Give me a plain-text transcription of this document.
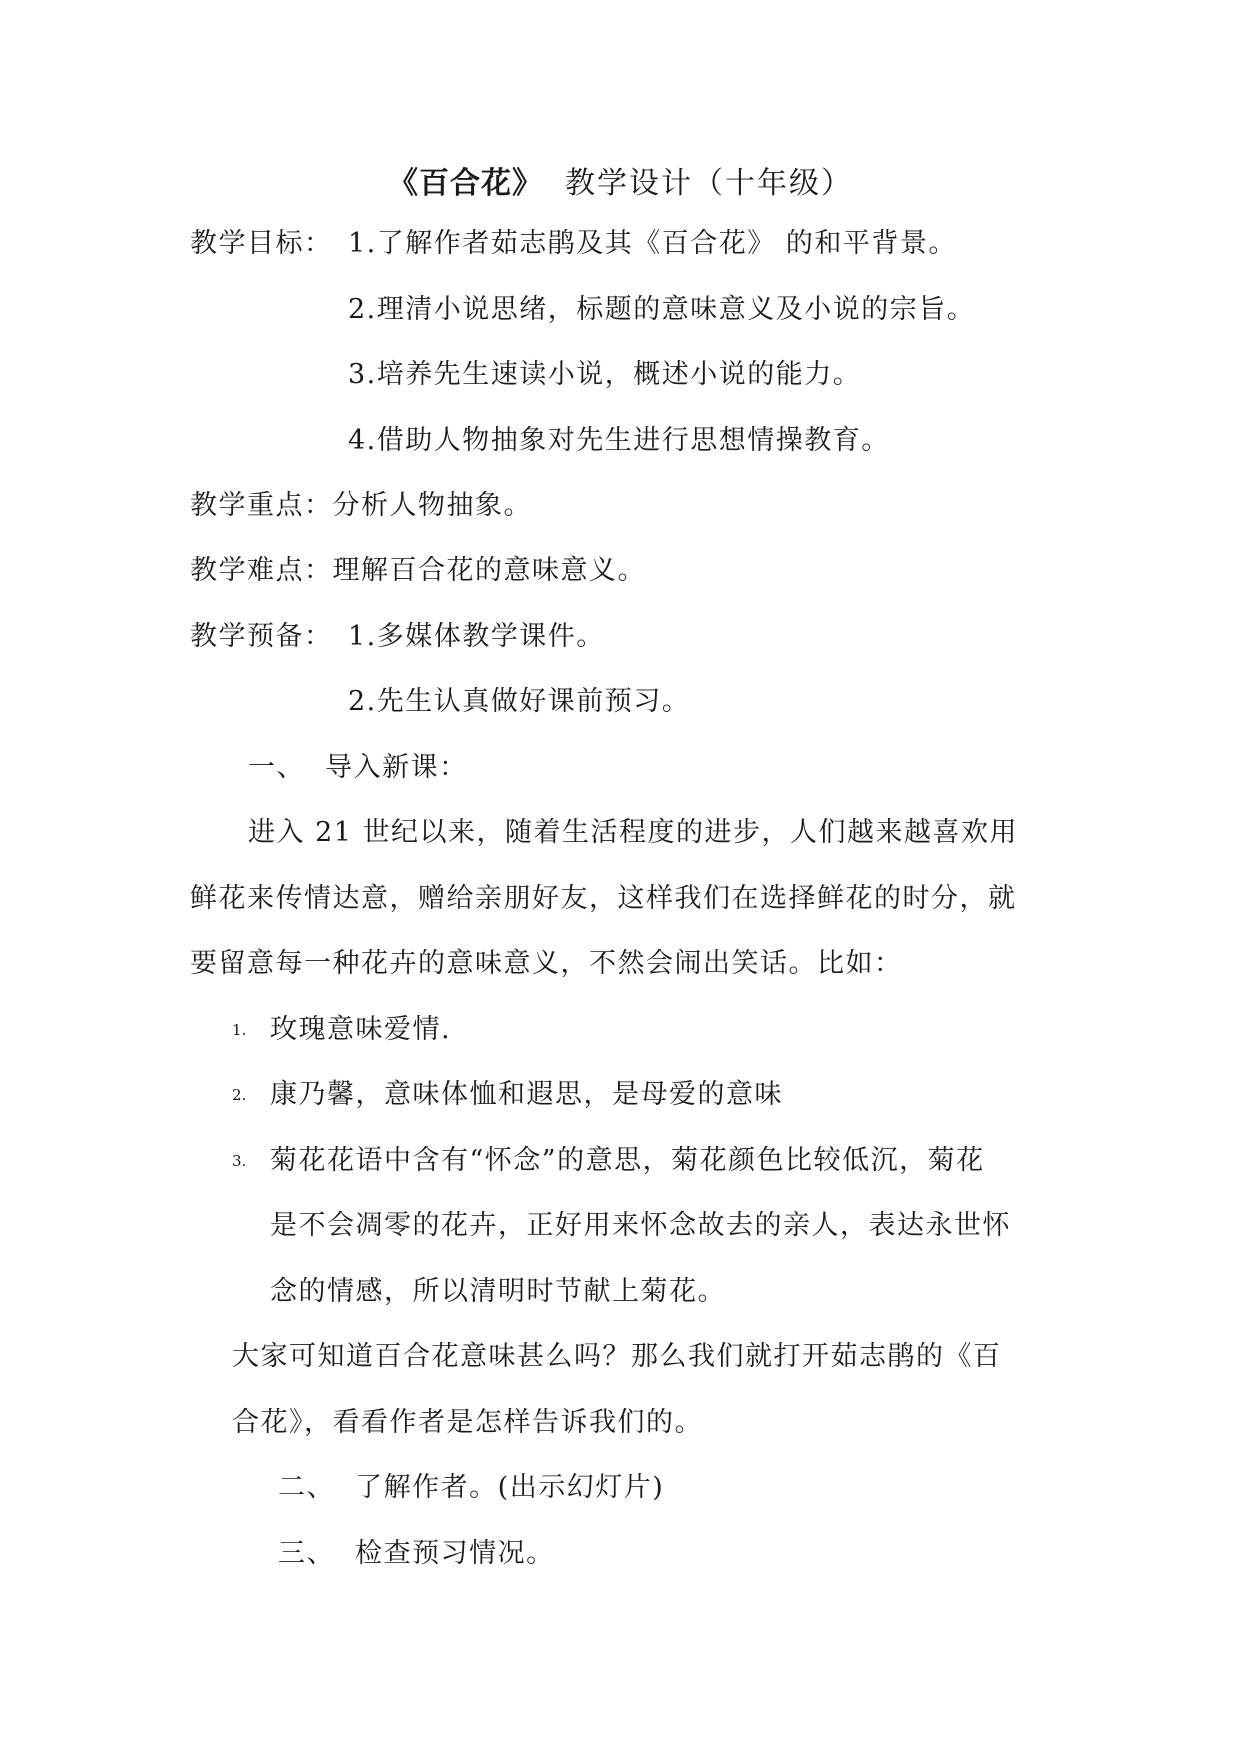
《百合花》 教学设计（十年级）
教学目标： 1.了解作者茹志鹃及其《百合花》 的和平背景。
2.理清小说思绪，标题的意味意义及小说的宗旨。
3.培养先生速读小说，概述小说的能力。
4.借助人物抽象对先生进行思想情操教育。
教学重点：分析人物抽象。
教学难点：理解百合花的意味意义。
教学预备： 1.多媒体教学课件。
2.先生认真做好课前预习。
一、  导入新课：
进入 21 世纪以来，随着生活程度的进步，人们越来越喜欢用
鲜花来传情达意，赠给亲朋好友，这样我们在选择鲜花的时分，就
要留意每一种花卉的意味意义，不然会闹出笑话。比如：
1. 玫瑰意味爱情.
2. 康乃馨，意味体恤和遐思，是母爱的意味
3. 菊花花语中含有“怀念”的意思，菊花颜色比较低沉，菊花
是不会凋零的花卉，正好用来怀念故去的亲人，表达永世怀
念的情感，所以清明时节献上菊花。
大家可知道百合花意味甚么吗？那么我们就打开茹志鹃的《百
合花》，看看作者是怎样告诉我们的。
二、  了解作者。(出示幻灯片)
三、  检查预习情况。
